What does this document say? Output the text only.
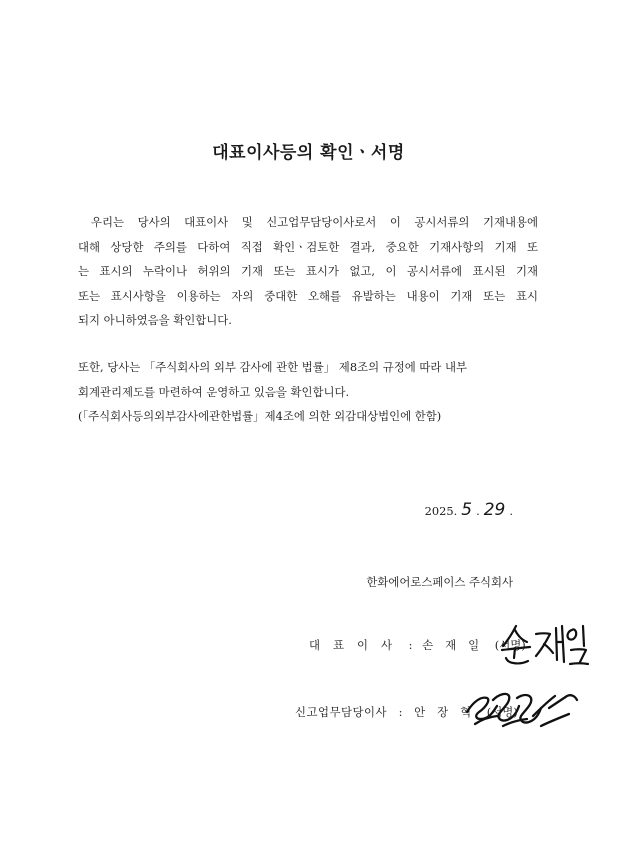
대표이사등의 확인ㆍ서명

우리는 당사의 대표이사 및 신고업무담당이사로서 이 공시서류의 기재내용에
대해 상당한 주의를 다하여 직접 확인ㆍ검토한 결과, 중요한 기재사항의 기재 또
는 표시의 누락이나 허위의 기재 또는 표시가 없고, 이 공시서류에 표시된 기재
또는 표시사항을 이용하는 자의 중대한 오해를 유발하는 내용이 기재 또는 표시
되지 아니하였음을 확인합니다.

또한, 당사는 「주식회사의 외부 감사에 관한 법률」 제8조의 규정에 따라 내부
회계관리제도를 마련하여 운영하고 있음을 확인합니다.
(「주식회사등의외부감사에관한법률」제4조에 의한 외감대상법인에 한함)

2025. 5 . 29 .
한화에어로스페이스 주식회사
대표이사 : 손재일 (서명)
신고업무담당이사 : 안장혁 (서명)
